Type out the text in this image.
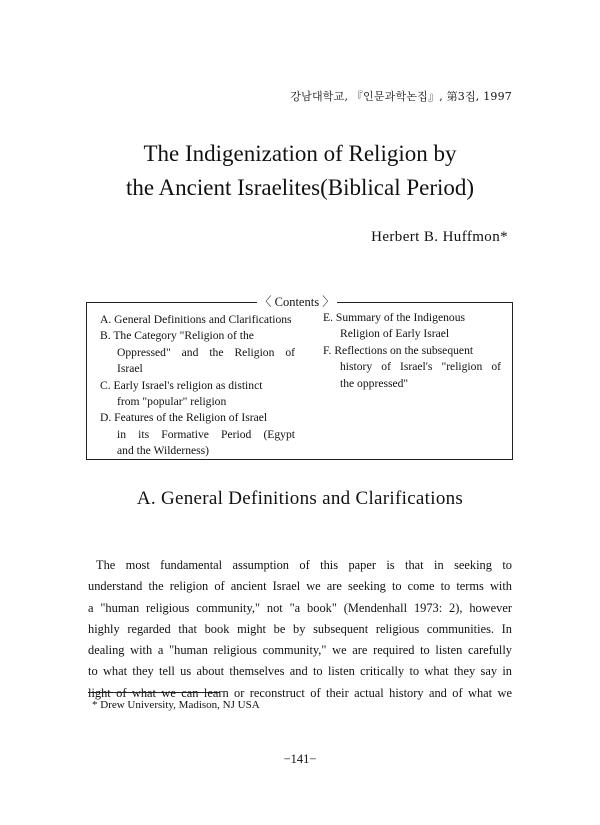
강남대학교, 『인문과학논집』, 第3집, 1997
The Indigenization of Religion by
the Ancient Israelites(Biblical Period)
Herbert B. Huffmon*
〈 Contents 〉
A. General Definitions and Clarifications
B. The Category "Religion of the
Oppressed" and the Religion of
Israel
C. Early Israel's religion as distinct
from "popular" religion
D. Features of the Religion of Israel
in its Formative Period (Egypt
and the Wilderness)
E. Summary of the Indigenous
Religion of Early Israel
F. Reflections on the subsequent
history of Israel's "religion of
the oppressed"
A. General Definitions and Clarifications
The most fundamental assumption of this paper is that in seeking to
understand the religion of ancient Israel we are seeking to come to terms with
a "human religious community," not "a book" (Mendenhall 1973: 2), however
highly regarded that book might be by subsequent religious communities. In
dealing with a "human religious community," we are required to listen carefully
to what they tell us about themselves and to listen critically to what they say in
light of what we can learn or reconstruct of their actual history and of what we
* Drew University, Madison, NJ USA
−141−
